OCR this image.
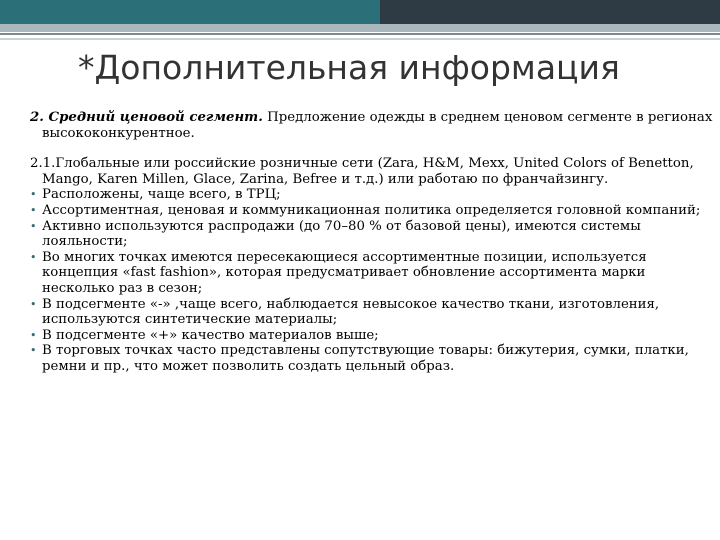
*Дополнительная информация

2. Средний ценовой сегмент. Предложение одежды в среднем ценовом сегменте в регионах высококонкурентное.

2.1.Глобальные или российские розничные сети (Zara, H&M, Mexx, United Colors of Benetton, Mango, Karen Millen, Glace, Zarina, Befree и т.д.) или работаю по франчайзингу.

• Расположены, чаще всего, в ТРЦ;
• Ассортиментная, ценовая и коммуникационная политика определяется головной компаний;
• Активно используются распродажи (до 70–80 % от базовой цены), имеются системы лояльности;
• Во многих точках имеются пересекающиеся ассортиментные позиции, используется концепция «fast fashion», которая предусматривает обновление ассортимента марки несколько раз в сезон;
• В подсегменте «-» ,чаще всего, наблюдается невысокое качество ткани, изготовления, используются синтетические материалы;
• В подсегменте «+» качество материалов выше;
• В торговых точках часто представлены сопутствующие товары: бижутерия, сумки, платки, ремни и пр., что может позволить создать цельный образ.
